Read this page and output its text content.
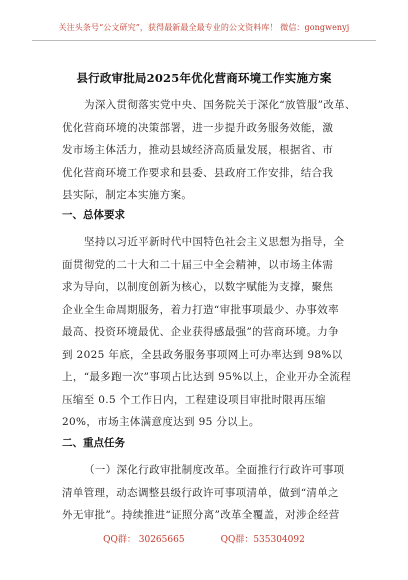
关注头条号“公文研究”，获得最新最全最专业的公文资料库！ 微信：gongwenyj
县行政审批局2025年优化营商环境工作实施方案
为深入贯彻落实党中央、国务院关于深化“放管服”改革、
优化营商环境的决策部署，进一步提升政务服务效能，激
发市场主体活力，推动县域经济高质量发展，根据省、市
优化营商环境工作要求和县委、县政府工作安排，结合我
县实际，制定本实施方案。
一、总体要求
坚持以习近平新时代中国特色社会主义思想为指导，全
面贯彻党的二十大和二十届三中全会精神，以市场主体需
求为导向，以制度创新为核心，以数字赋能为支撑，聚焦
企业全生命周期服务，着力打造“审批事项最少、办事效率
最高、投资环境最优、企业获得感最强”的营商环境。力争
到 2025 年底，全县政务服务事项网上可办率达到 98%以
上，“最多跑一次”事项占比达到 95%以上，企业开办全流程
压缩至 0.5 个工作日内，工程建设项目审批时限再压缩
20%，市场主体满意度达到 95 分以上。
二、重点任务
（一）深化行政审批制度改革。全面推行行政许可事项
清单管理，动态调整县级行政许可事项清单，做到“清单之
外无审批”。持续推进“证照分离”改革全覆盖，对涉企经营
QQ群： 30265665	QQ群：535304092
